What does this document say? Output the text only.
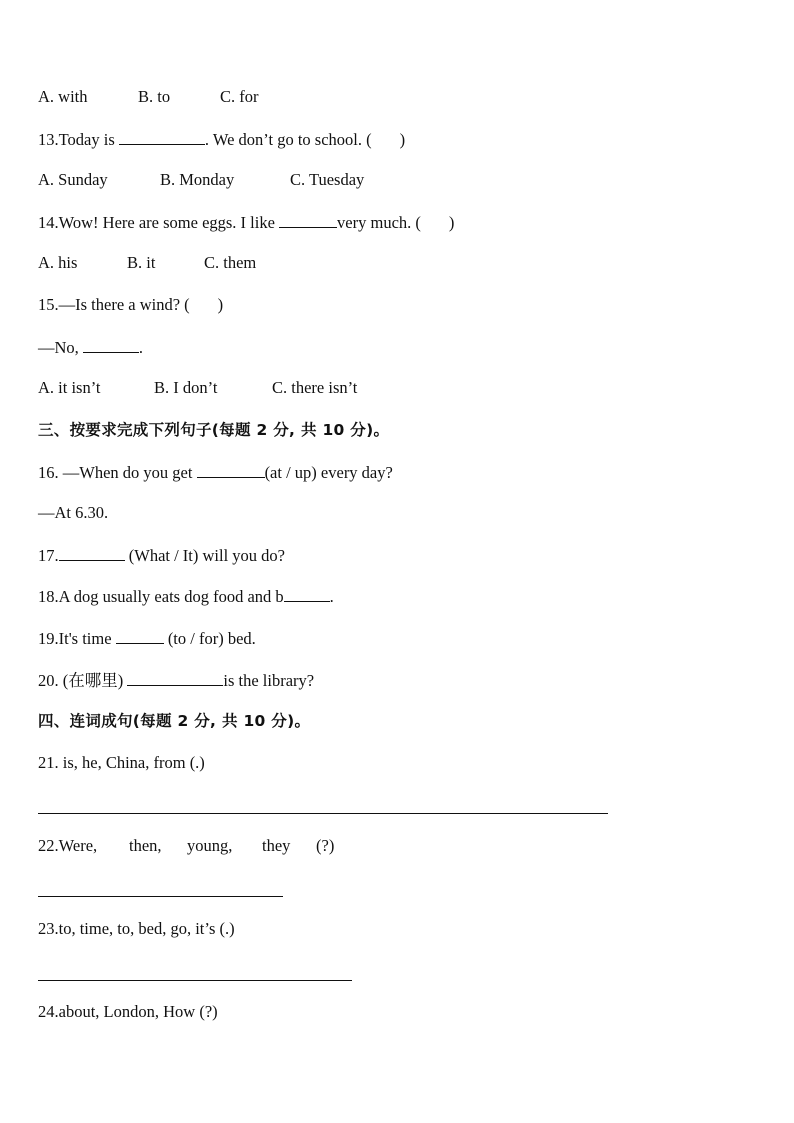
A. with	B. to	C. for
13.Today is	. We don’t go to school. ( )
A. Sunday	B. Monday	C. Tuesday
14.Wow! Here are some eggs. I like	very much. ( )
A. his	B. it	C. them
15.—Is there a wind? ( )
—No,	.
A. it isn’t	B. I don’t	C. there isn’t
三、按要求完成下列句子(每题 2 分, 共 10 分)。
16. —When do you get	(at / up) every day?
—At 6.30.
17.	(What / It) will you do?
18.A dog usually eats dog food and b	.
19.It's time	(to / for) bed.
20. (在哪里)	is the library?
四、连词成句(每题 2 分, 共 10 分)。
21. is, he, China, from (.)
22.Were, then, young, they (?)
23.to, time, to, bed, go, it’s (.)
24.about, London, How (?)
